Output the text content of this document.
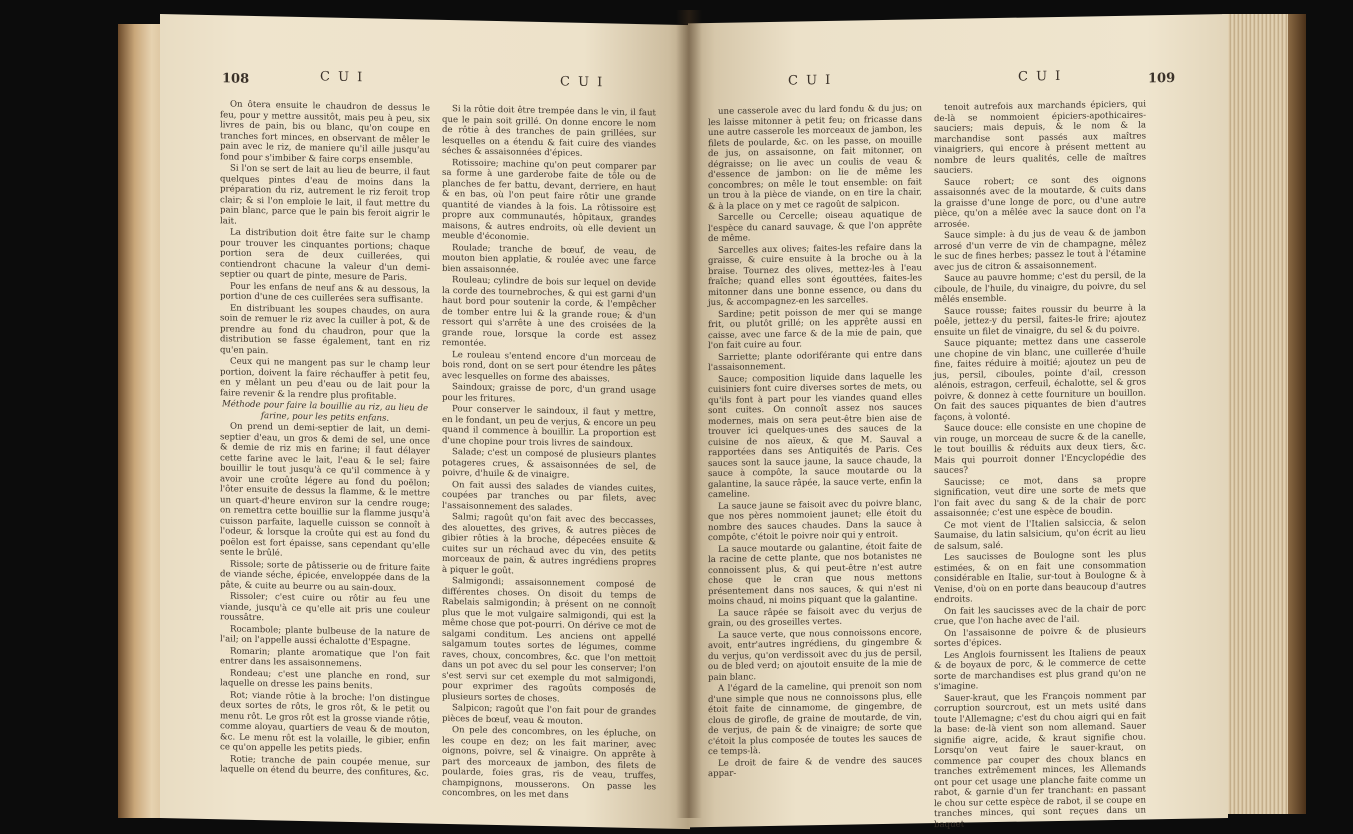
108	C U I	C U I

On ôtera ensuite le chaudron de dessus le feu, pour y mettre aussitôt, mais peu à peu, six livres de pain, bis ou blanc, qu'on coupe en tranches fort minces, en observant de mêler le pain avec le riz, de maniere qu'il aille jusqu'au fond pour s'imbiber & faire corps ensemble.

Si l'on se sert de lait au lieu de beurre, il faut quelques pintes d'eau de moins dans la préparation du riz, autrement le riz feroit trop clair; & si l'on emploie le lait, il faut mettre du pain blanc, parce que le pain bis feroit aigrir le lait.

La distribution doit être faite sur le champ pour trouver les cinquantes portions; chaque portion sera de deux cuillerées, qui contiendront chacune la valeur d'un demi-septier ou quart de pinte, mesure de Paris.

Pour les enfans de neuf ans & au dessous, la portion d'une de ces cuillerées sera suffisante.

En distribuant les soupes chaudes, on aura soin de remuer le riz avec la cuiller à pot, & de prendre au fond du chaudron, pour que la distribution se fasse également, tant en riz qu'en pain.

Ceux qui ne mangent pas sur le champ leur portion, doivent la faire réchauffer à petit feu, en y mêlant un peu d'eau ou de lait pour la faire revenir & la rendre plus profitable.

Méthode pour faire la bouillie au riz, au lieu de farine, pour les petits enfans.

On prend un demi-septier de lait, un demi-septier d'eau, un gros & demi de sel, une once & demie de riz mis en farine; il faut délayer cette farine avec le lait, l'eau & le sel; faire bouillir le tout jusqu'à ce qu'il commence à y avoir une croûte légere au fond du poëlon; l'ôter ensuite de dessus la flamme, & le mettre un quart-d'heure environ sur la cendre rouge; on remettra cette bouillie sur la flamme jusqu'à cuisson parfaite, laquelle cuisson se connoît à l'odeur, & lorsque la croûte qui est au fond du poëlon est fort épaisse, sans cependant qu'elle sente le brûlé.

Rissole; sorte de pâtisserie ou de friture faite de viande séche, épicée, enveloppée dans de la pâte, & cuite au beurre ou au sain-doux.

Rissoler; c'est cuire ou rôtir au feu une viande, jusqu'à ce qu'elle ait pris une couleur roussâtre.

Rocambole; plante bulbeuse de la nature de l'ail; on l'appelle aussi échalotte d'Espagne.

Romarin; plante aromatique que l'on fait entrer dans les assaisonnemens.

Rondeau; c'est une planche en rond, sur laquelle on dresse les pains benits.

Rot; viande rôtie à la broche: l'on distingue deux sortes de rôts, le gros rôt, & le petit ou menu rôt. Le gros rôt est la grosse viande rôtie, comme aloyau, quartiers de veau & de mouton, &c. Le menu rôt est la volaille, le gibier, enfin ce qu'on appelle les petits pieds.

Rotie; tranche de pain coupée menue, sur laquelle on étend du beurre, des confitures, &c.

Si la rôtie doit être trempée dans le vin, il faut que le pain soit grillé. On donne encore le nom de rôtie à des tranches de pain grillées, sur lesquelles on a étendu & fait cuire des viandes séches & assaisonnées d'épices.

Rotissoire; machine qu'on peut comparer par sa forme à une garderobe faite de tôle ou de planches de fer battu, devant, derriere, en haut & en bas, où l'on peut faire rôtir une grande quantité de viandes à la fois. La rôtissoire est propre aux communautés, hôpitaux, grandes maisons, & autres endroits, où elle devient un meuble d'économie.

Roulade; tranche de bœuf, de veau, de mouton bien applatie, & roulée avec une farce bien assaisonnée.

Rouleau; cylindre de bois sur lequel on devide la corde des tournebroches, & qui est garni d'un haut bord pour soutenir la corde, & l'empêcher de tomber entre lui & la grande roue; & d'un ressort qui s'arrête à une des croisées de la grande roue, lorsque la corde est assez remontée.

Le rouleau s'entend encore d'un morceau de bois rond, dont on se sert pour étendre les pâtes avec lesquelles on forme des abaisses.

Saindoux; graisse de porc, d'un grand usage pour les fritures.

Pour conserver le saindoux, il faut y mettre, en le fondant, un peu de verjus, & encore un peu quand il commence à bouillir. La proportion est d'une chopine pour trois livres de saindoux.

Salade; c'est un composé de plusieurs plantes potageres crues, & assaisonnées de sel, de poivre, d'huile & de vinaigre.

On fait aussi des salades de viandes cuites, coupées par tranches ou par filets, avec l'assaisonnement des salades.

Salmi; ragoût qu'on fait avec des beccasses, des alouettes, des grives, & autres pièces de gibier rôties à la broche, dépecées ensuite & cuites sur un réchaud avec du vin, des petits morceaux de pain, & autres ingrédiens propres à piquer le goût.

Salmigondi; assaisonnement composé de différentes choses. On disoit du temps de Rabelais salmigondin; à présent on ne connoît plus que le mot vulgaire salmigondi, qui est la même chose que pot-pourri. On dérive ce mot de salgami conditum. Les anciens ont appellé salgamum toutes sortes de légumes, comme raves, choux, concombres, &c. que l'on mettoit dans un pot avec du sel pour les conserver; l'on s'est servi sur cet exemple du mot salmigondi, pour exprimer des ragoûts composés de plusieurs sortes de choses.

Salpicon; ragoût que l'on fait pour de grandes pièces de bœuf, veau & mouton.

On pele des concombres, on les épluche, on les coupe en dez; on les fait mariner, avec oignons, poivre, sel & vinaigre. On apprête à part des morceaux de jambon, des filets de poularde, foies gras, ris de veau, truffes, champignons, mousserons. On passe les concombres, on les met dans

C U I	C U I	109

une casserole avec du lard fondu & du jus; on les laisse mitonner à petit feu; on fricasse dans une autre casserole les morceaux de jambon, les filets de poularde, &c. on les passe, on mouille de jus, on assaisonne, on fait mitonner, on dégraisse; on lie avec un coulis de veau & d'essence de jambon: on lie de même les concombres; on mêle le tout ensemble: on fait un trou à la pièce de viande, on en tire la chair, & à la place on y met ce ragoût de salpicon.

Sarcelle ou Cercelle; oiseau aquatique de l'espèce du canard sauvage, & que l'on apprête de même.

Sarcelles aux olives; faites-les refaire dans la graisse, & cuire ensuite à la broche ou à la braise. Tournez des olives, mettez-les à l'eau fraîche; quand elles sont égouttées, faites-les mitonner dans une bonne essence, ou dans du jus, & accompagnez-en les sarcelles.

Sardine; petit poisson de mer qui se mange frit, ou plutôt grillé; on les apprête aussi en caisse, avec une farce & de la mie de pain, que l'on fait cuire au four.

Sarriette; plante odoriférante qui entre dans l'assaisonnement.

Sauce; composition liquide dans laquelle les cuisiniers font cuire diverses sortes de mets, ou qu'ils font à part pour les viandes quand elles sont cuites. On connoît assez nos sauces modernes, mais on sera peut-être bien aise de trouver ici quelques-unes des sauces de la cuisine de nos aïeux, & que M. Sauval a rapportées dans ses Antiquités de Paris. Ces sauces sont la sauce jaune, la sauce chaude, la sauce à compôte, la sauce moutarde ou la galantine, la sauce râpée, la sauce verte, enfin la cameline.

La sauce jaune se faisoit avec du poivre blanc, que nos pères nommoient jaunet; elle étoit du nombre des sauces chaudes. Dans la sauce à compôte, c'étoit le poivre noir qui y entroit.

La sauce moutarde ou galantine, étoit faite de la racine de cette plante, que nos botanistes ne connoissent plus, & qui peut-être n'est autre chose que le cran que nous mettons présentement dans nos sauces, & qui n'est ni moins chaud, ni moins piquant que la galantine.

La sauce râpée se faisoit avec du verjus de grain, ou des groseilles vertes.

La sauce verte, que nous connoissons encore, avoit, entr'autres ingrédiens, du gingembre & du verjus, qu'on verdissoit avec du jus de persil, ou de bled verd; on ajoutoit ensuite de la mie de pain blanc.

A l'égard de la cameline, qui prenoit son nom d'une simple que nous ne connoissons plus, elle étoit faite de cinnamome, de gingembre, de clous de girofle, de graine de moutarde, de vin, de verjus, de pain & de vinaigre; de sorte que c'étoit la plus composée de toutes les sauces de ce temps-là.

Le droit de faire & de vendre des sauces appar-

tenoit autrefois aux marchands épiciers, qui de-là se nommoient épiciers-apothicaires-sauciers; mais depuis, & le nom & la marchandise sont passés aux maîtres vinaigriers, qui encore à présent mettent au nombre de leurs qualités, celle de maîtres sauciers.

Sauce robert; ce sont des oignons assaisonnés avec de la moutarde, & cuits dans la graisse d'une longe de porc, ou d'une autre pièce, qu'on a mêlée avec la sauce dont on l'a arrosée.

Sauce simple: à du jus de veau & de jambon arrosé d'un verre de vin de champagne, mêlez le suc de fines herbes; passez le tout à l'étamine avec jus de citron & assaisonnement.

Sauce au pauvre homme; c'est du persil, de la ciboule, de l'huile, du vinaigre, du poivre, du sel mêlés ensemble.

Sauce rousse; faites roussir du beurre à la poêle, jettez-y du persil, faites-le frire; ajoutez ensuite un filet de vinaigre, du sel & du poivre.

Sauce piquante; mettez dans une casserole une chopine de vin blanc, une cuillerée d'huile fine, faites réduire à moitié; ajoutez un peu de jus, persil, ciboules, pointe d'ail, cresson alénois, estragon, cerfeuil, échalotte, sel & gros poivre, & donnez à cette fourniture un bouillon. On fait des sauces piquantes de bien d'autres façons, à volonté.

Sauce douce: elle consiste en une chopine de vin rouge, un morceau de sucre & de la canelle, le tout bouillis & réduits aux deux tiers, &c. Mais qui pourroit donner l'Encyclopédie des sauces?

Saucisse; ce mot, dans sa propre signification, veut dire une sorte de mets que l'on fait avec du sang & de la chair de porc assaisonnée; c'est une espèce de boudin.

Ce mot vient de l'Italien salsiccia, & selon Saumaise, du latin salsicium, qu'on écrit au lieu de salsum, salé.

Les saucisses de Boulogne sont les plus estimées, & on en fait une consommation considérable en Italie, sur-tout à Boulogne & à Venise, d'où on en porte dans beaucoup d'autres endroits.

On fait les saucisses avec de la chair de porc crue, que l'on hache avec de l'ail.

On l'assaisonne de poivre & de plusieurs sortes d'épices.

Les Anglois fournissent les Italiens de peaux & de boyaux de porc, & le commerce de cette sorte de marchandises est plus grand qu'on ne s'imagine.

Sauer-kraut, que les François nomment par corruption sourcrout, est un mets usité dans toute l'Allemagne; c'est du chou aigri qui en fait la base: de-là vient son nom allemand. Sauer signifie aigre, acide, & kraut signifie chou. Lorsqu'on veut faire le sauer-kraut, on commence par couper des choux blancs en tranches extrêmement minces, les Allemands ont pour cet usage une planche faite comme un rabot, & garnie d'un fer tranchant: en passant le chou sur cette espèce de rabot, il se coupe en tranches minces, qui sont reçues dans un baquet
